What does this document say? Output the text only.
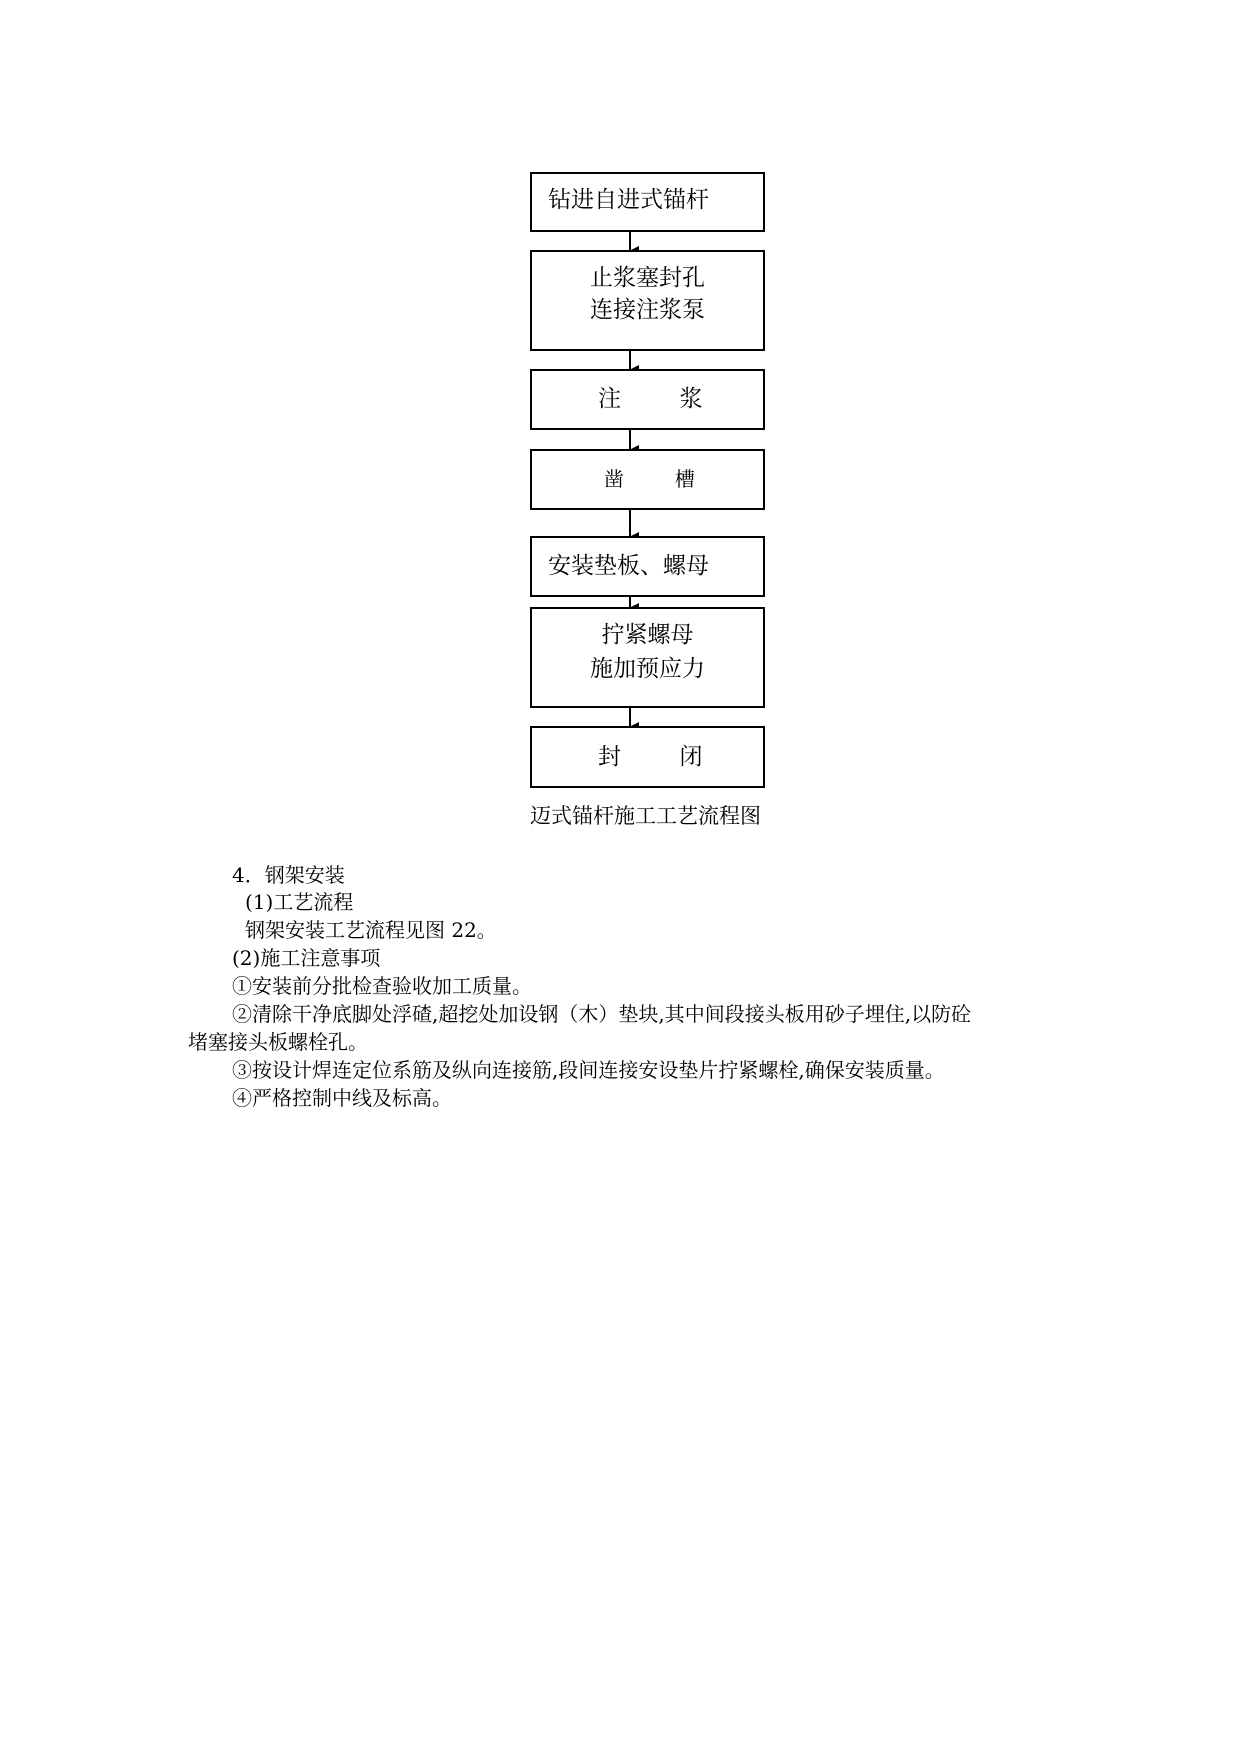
钻进自进式锚杆
止浆塞封孔
连接注浆泵
注        浆
凿        槽
安装垫板、螺母
拧紧螺母
施加预应力
封        闭
迈式锚杆施工工艺流程图
4．钢架安装
(1)工艺流程
钢架安装工艺流程见图 22。
(2)施工注意事项
①安装前分批检查验收加工质量。
②清除干净底脚处浮碴,超挖处加设钢（木）垫块,其中间段接头板用砂子埋住,以防砼
堵塞接头板螺栓孔。
③按设计焊连定位系筋及纵向连接筋,段间连接安设垫片拧紧螺栓,确保安装质量。
④严格控制中线及标高。
